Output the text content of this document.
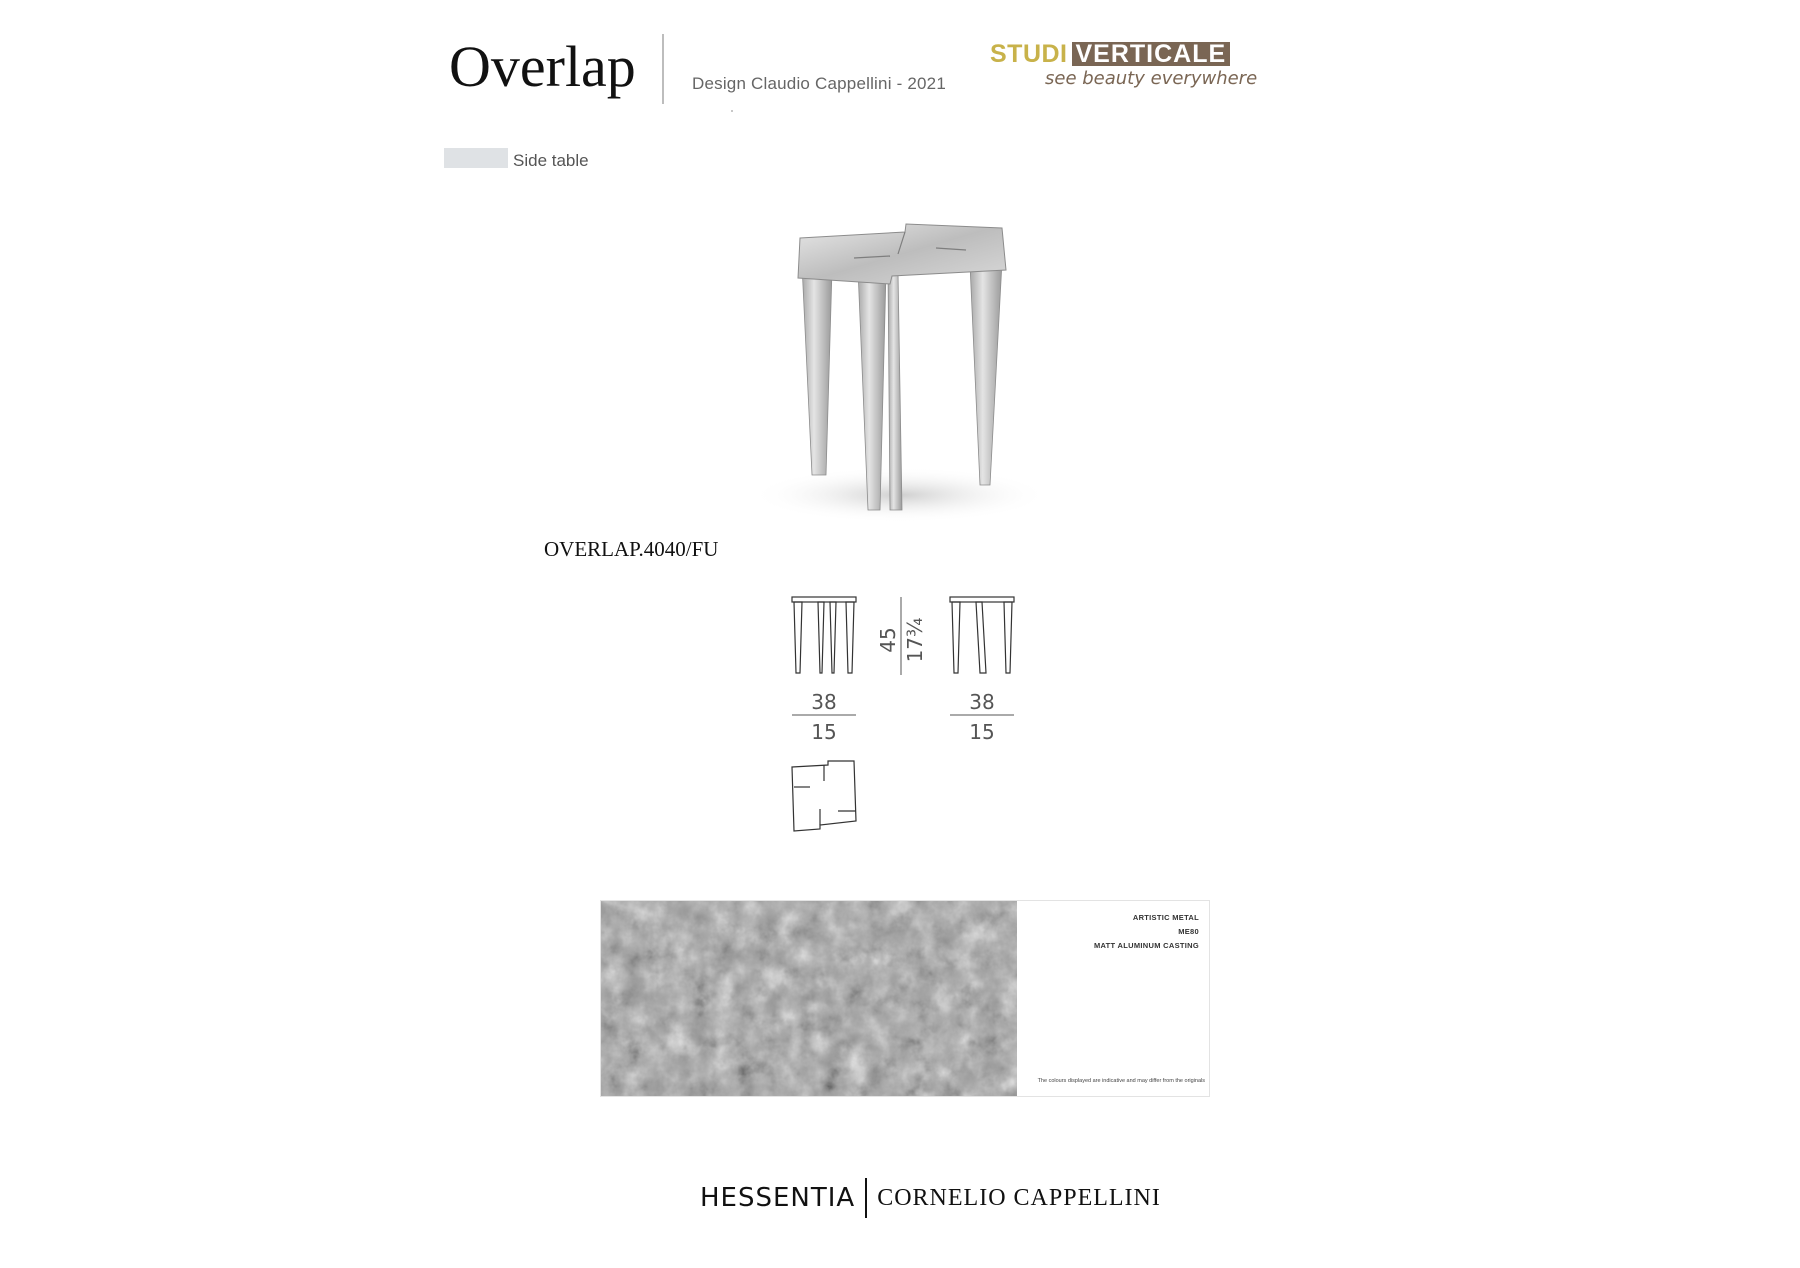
Overlap	Design Claudio Cappellini - 2021
STUDI VERTICALE
see beauty everywhere
Side table
OVERLAP.4040/FU
45 17¾
38
15
38
15
ARTISTIC METAL
ME80
MATT ALUMINUM CASTING
The colours displayed are indicative and may differ from the originals
HESSENTIA CORNELIO CAPPELLINI
